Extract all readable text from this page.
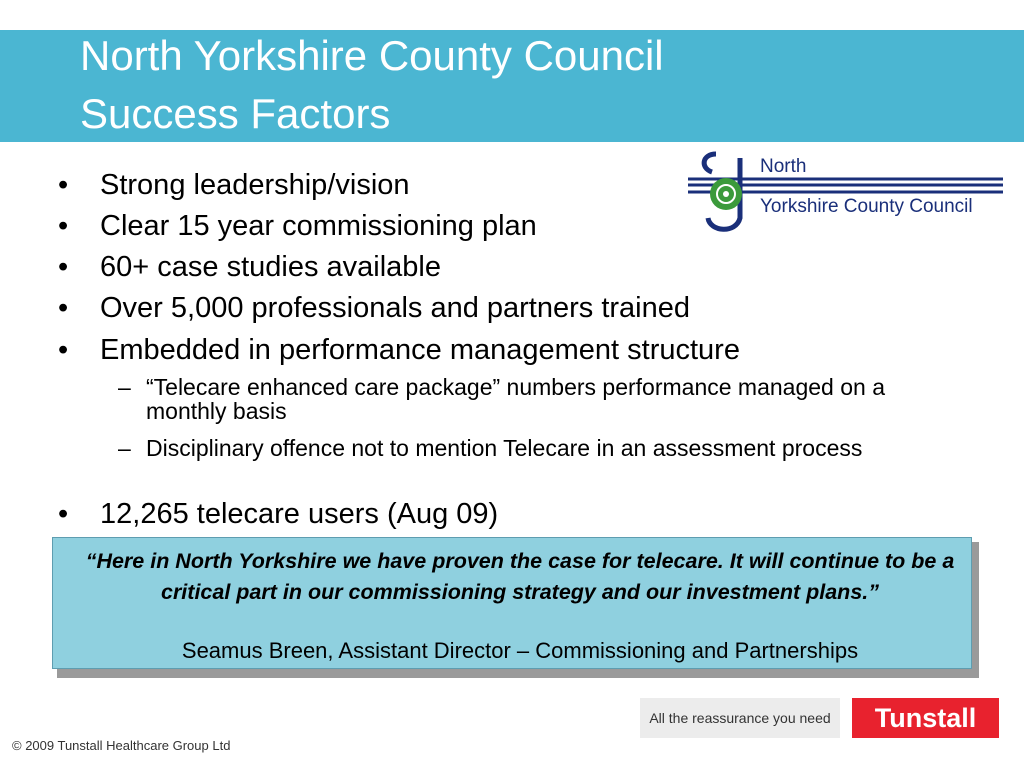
North Yorkshire County Council
Success Factors
North
Yorkshire County Council
• Strong leadership/vision
• Clear 15 year commissioning plan
• 60+ case studies available
• Over 5,000 professionals and partners trained
• Embedded in performance management structure
– “Telecare enhanced care package” numbers performance managed on a monthly basis
– Disciplinary offence not to mention Telecare in an assessment process
• 12,265 telecare users (Aug 09)
“Here in North Yorkshire we have proven the case for telecare. It will continue to be a critical part in our commissioning strategy and our investment plans.”
Seamus Breen, Assistant Director – Commissioning and Partnerships
All the reassurance you need	Tunstall
© 2009 Tunstall Healthcare Group Ltd
